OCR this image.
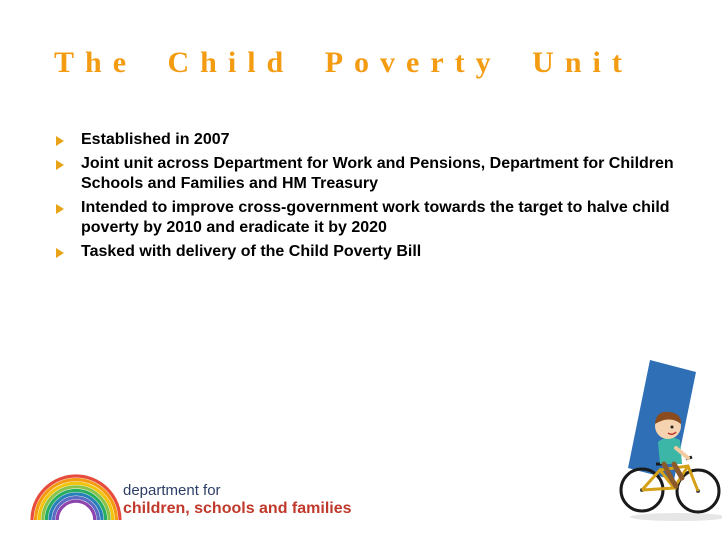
The Child Poverty Unit
Established in 2007
Joint unit across Department for Work and Pensions, Department for Children Schools and Families and HM Treasury
Intended to improve cross-government work towards the target to halve child poverty by 2010 and eradicate it by 2020
Tasked with delivery of the Child Poverty Bill
department for
children, schools and families
